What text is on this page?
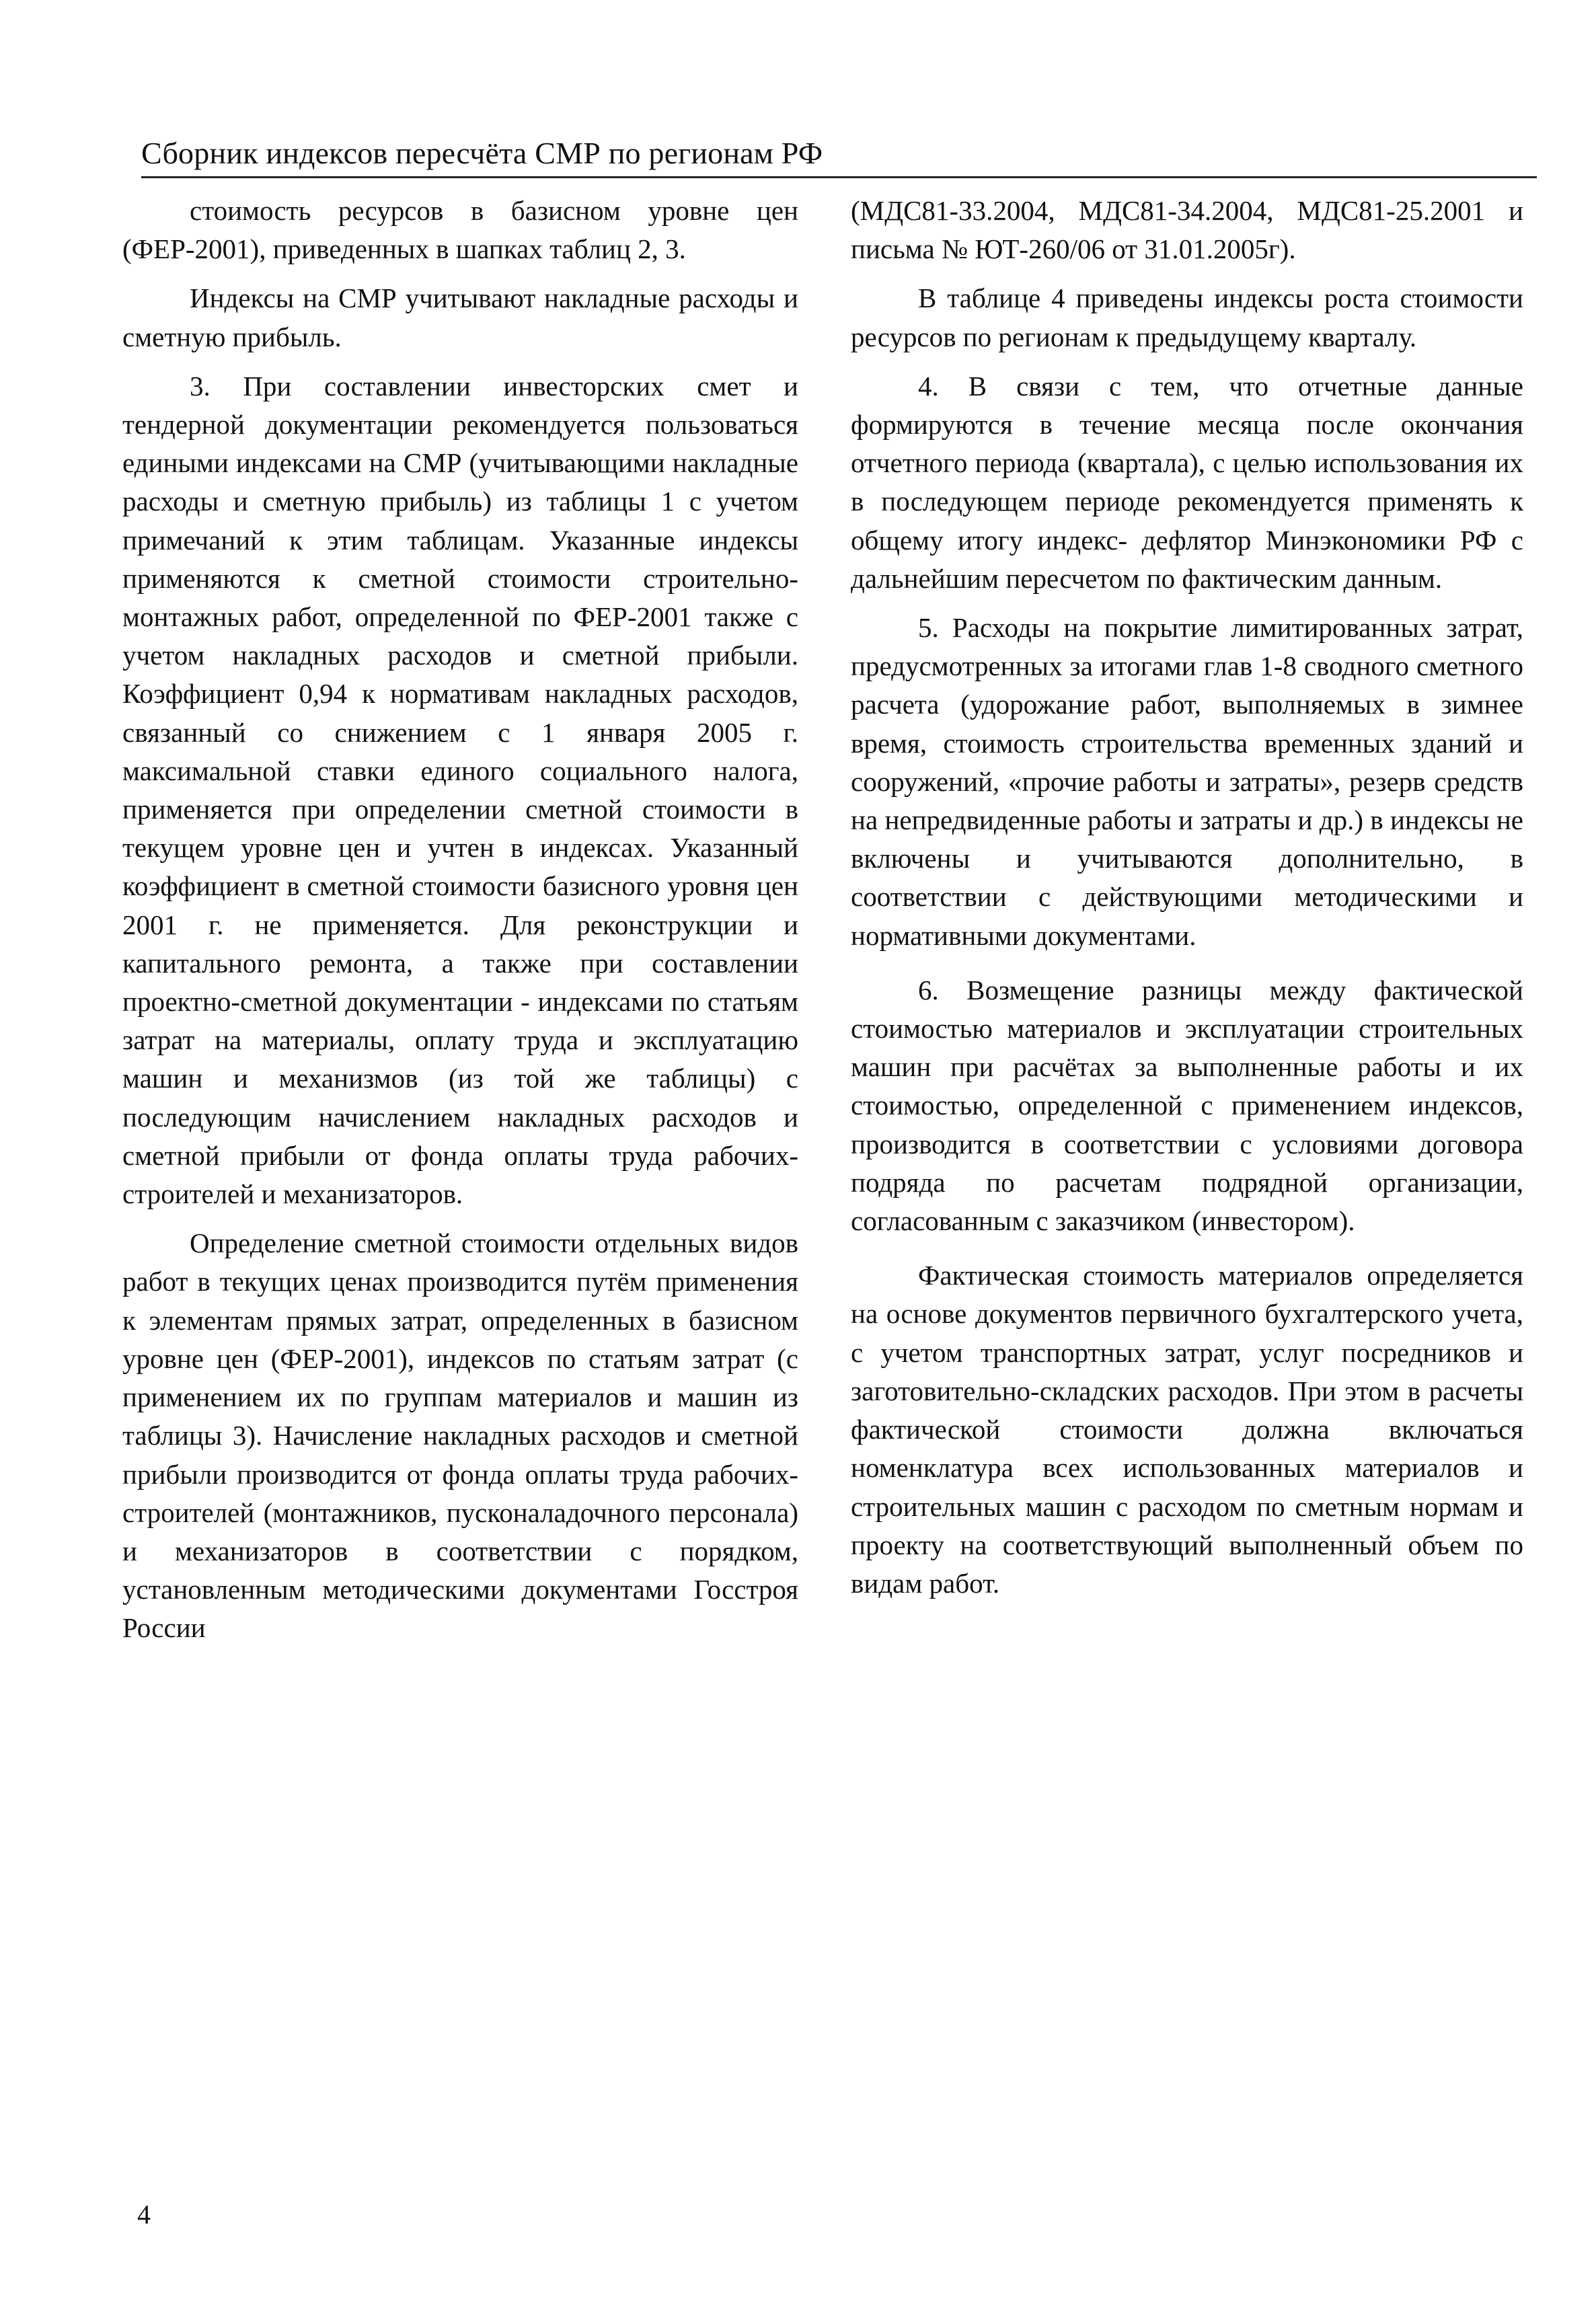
Сборник индексов пересчёта СМР по регионам РФ

стоимость ресурсов в базисном уровне цен (ФЕР-2001), приведенных в шапках таблиц 2, 3.

Индексы на СМР учитывают накладные расходы и сметную прибыль.

3. При составлении инвесторских смет и тендерной документации рекомендуется пользоваться едиными индексами на СМР (учитывающими накладные расходы и сметную прибыль) из таблицы 1 с учетом примечаний к этим таблицам. Указанные индексы применяются к сметной стоимости строительно-монтажных работ, определенной по ФЕР-2001 также с учетом накладных расходов и сметной прибыли. Коэффициент 0,94 к нормативам накладных расходов, связанный со снижением с 1 января 2005 г. максимальной ставки единого социального налога, применяется при определении сметной стоимости в текущем уровне цен и учтен в индексах. Указанный коэффициент в сметной стоимости базисного уровня цен 2001 г. не применяется. Для реконструкции и капитального ремонта, а также при составлении проектно-сметной документации - индексами по статьям затрат на материалы, оплату труда и эксплуатацию машин и механизмов (из той же таблицы) с последующим начислением накладных расходов и сметной прибыли от фонда оплаты труда рабочих-строителей и механизаторов.

Определение сметной стоимости отдельных видов работ в текущих ценах производится путём применения к элементам прямых затрат, определенных в базисном уровне цен (ФЕР-2001), индексов по статьям затрат (с применением их по группам материалов и машин из таблицы 3). Начисление накладных расходов и сметной прибыли производится от фонда оплаты труда рабочих-строителей (монтажников, пусконаладочного персонала) и механизаторов в соответствии с порядком, установленным методическими документами Госстроя России

(МДС81-33.2004, МДС81-34.2004, МДС81-25.2001 и письма № ЮТ-260/06 от 31.01.2005г).

В таблице 4 приведены индексы роста стоимости ресурсов по регионам к предыдущему кварталу.

4. В связи с тем, что отчетные данные формируются в течение месяца после окончания отчетного периода (квартала), с целью использования их в последующем периоде рекомендуется применять к общему итогу индекс- дефлятор Минэкономики РФ с дальнейшим пересчетом по фактическим данным.

5. Расходы на покрытие лимитированных затрат, предусмотренных за итогами глав 1-8 сводного сметного расчета (удорожание работ, выполняемых в зимнее время, стоимость строительства временных зданий и сооружений, «прочие работы и затраты», резерв средств на непредвиденные работы и затраты и др.) в индексы не включены и учитываются дополнительно, в соответствии с действующими методическими и нормативными документами.

6. Возмещение разницы между фактической стоимостью материалов и эксплуатации строительных машин при расчётах за выполненные работы и их стоимостью, определенной с применением индексов, производится в соответствии с условиями договора подряда по расчетам подрядной организации, согласованным с заказчиком (инвестором).

Фактическая стоимость материалов определяется на основе документов первичного бухгалтерского учета, с учетом транспортных затрат, услуг посредников и заготовительно-складских расходов. При этом в расчеты фактической стоимости должна включаться номенклатура всех использованных материалов и строительных машин с расходом по сметным нормам и проекту на соответствующий выполненный объем по видам работ.

4
